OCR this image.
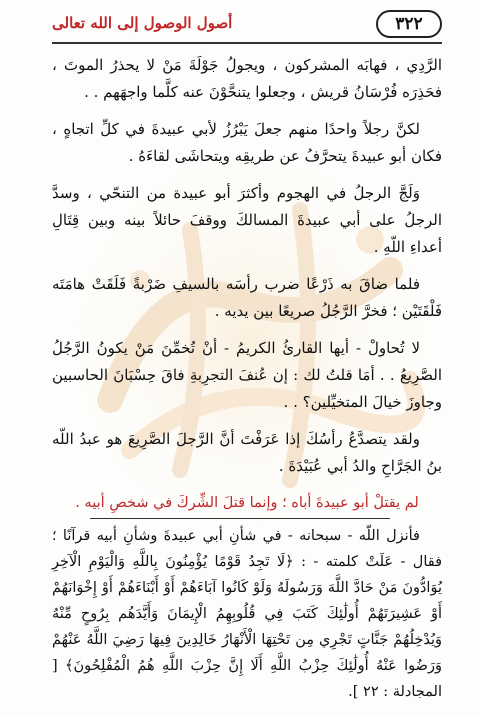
٣٢٢
أصول الوصول إلى الله تعالى

الرَّدِي ، فهابَه المشركون ، ويجولُ جَوْلَةَ مَنْ لا يحذرُ الموتَ ، فحَذِرَه فُرْسَانُ قريش ، وجعلوا يتنحَّوْنَ عنه كلَّما واجهَهم . .

لكنَّ رجلاً واحدًا منهم جعلَ يَبْرُزُ لأبي عبيدةَ في كلِّ اتجاهٍ ، فكان أبو عبيدةَ يتحرَّفُ عن طريقِه ويتحاشَى لقاءَهُ .

وَلَجَّ الرجلُ في الهجوم وأكثرَ أبو عبيدة من التنحّي ، وسدَّ الرجلُ على أبي عبيدةَ المسالكَ ووقفَ حائلاً بينه وبين قِتَالِ أعداءِ اللّهِ .

فلما ضاقَ به ذَرْعًا ضرب رأسَه بالسيفِ ضَرْبةً فَلَقَتْ هامَتَه فَلْقَتَيْن ؛ فخرَّ الرَّجُلُ صريعًا بين يديه .

لا تُحاولْ - أيها القارئُ الكريمُ - أنْ تُخمِّنَ مَنْ يكونُ الرَّجُلُ الصَّرِيعُ . . أمَا قلتُ لك : إن عُنفَ التجرِبةِ فاقَ حِسْبَانَ الحاسبين وجاوزَ خيالَ المتخيِّلين؟ . .

ولقد يتصدَّعُ رأسُكَ إذا عَرَفْتَ أنَّ الرَّجلَ الصَّرِيعَ هو عبدُ اللّه بنُ الجَرَّاحِ والدُ أبي عُبَيْدَةَ .

لم يقتلْ أبو عبيدةَ أباه ؛ وإنما قتلَ الشِّركَ في شخصِ أبيه .

فأنزل اللّه - سبحانه - في شأنِ أبي عبيدةَ وشأنِ أبيه قرآنًا ؛ فقال - عَلَتْ كلمته - : ﴿لَا تَجِدُ قَوْمًا يُؤْمِنُونَ بِاللَّهِ وَالْيَوْمِ الْآخِرِ يُوَادُّونَ مَنْ حَادَّ اللَّهَ وَرَسُولَهُ وَلَوْ كَانُوا آبَاءَهُمْ أَوْ أَبْنَاءَهُمْ أَوْ إِخْوَانَهُمْ أَوْ عَشِيرَتَهُمْ أُولَٰئِكَ كَتَبَ فِي قُلُوبِهِمُ الْإِيمَانَ وَأَيَّدَهُم بِرُوحٍ مِّنْهُ وَيُدْخِلُهُمْ جَنَّاتٍ تَجْرِي مِن تَحْتِهَا الْأَنْهَارُ خَالِدِينَ فِيهَا رَضِيَ اللَّهُ عَنْهُمْ وَرَضُوا عَنْهُ أُولَٰئِكَ حِزْبُ اللَّهِ أَلَا إِنَّ حِزْبَ اللَّهِ هُمُ الْمُفْلِحُونَ﴾ [ المجادلة : ٢٢ ].
